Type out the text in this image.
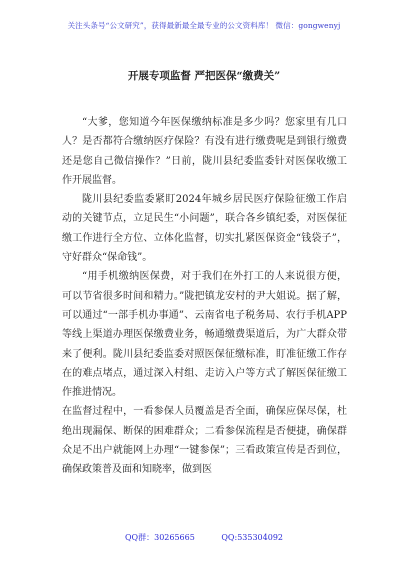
关注头条号“公文研究”，获得最新最全最专业的公文资料库！ 微信：gongwenyj
开展专项监督 严把医保“缴费关”

“大爹，您知道今年医保缴纳标准是多少吗？您家里有几口人？是否都符合缴纳医疗保险？有没有进行缴费呢是到银行缴费还是您自己微信操作？”日前，陇川县纪委监委针对医保收缴工作开展监督。

陇川县纪委监委紧盯2024年城乡居民医疗保险征缴工作启动的关键节点，立足民生“小问题”，联合各乡镇纪委，对医保征缴工作进行全方位、立体化监督，切实扎紧医保资金“钱袋子”，守好群众“保命钱”。

“用手机缴纳医保费，对于我们在外打工的人来说很方便，可以节省很多时间和精力。”陇把镇龙安村的尹大姐说。据了解，可以通过“一部手机办事通”、云南省电子税务局、农行手机APP等线上渠道办理医保缴费业务，畅通缴费渠道后，为广大群众带来了便利。陇川县纪委监委对照医保征缴标准，盯准征缴工作存在的难点堵点，通过深入村组、走访入户等方式了解医保征缴工作推进情况。

在监督过程中，一看参保人员覆盖是否全面，确保应保尽保，杜绝出现漏保、断保的困难群众；二看参保流程是否便捷，确保群众足不出户就能网上办理“一键参保”；三看政策宣传是否到位，确保政策普及面和知晓率，做到医

QQ群：30265665	QQ:535304092
